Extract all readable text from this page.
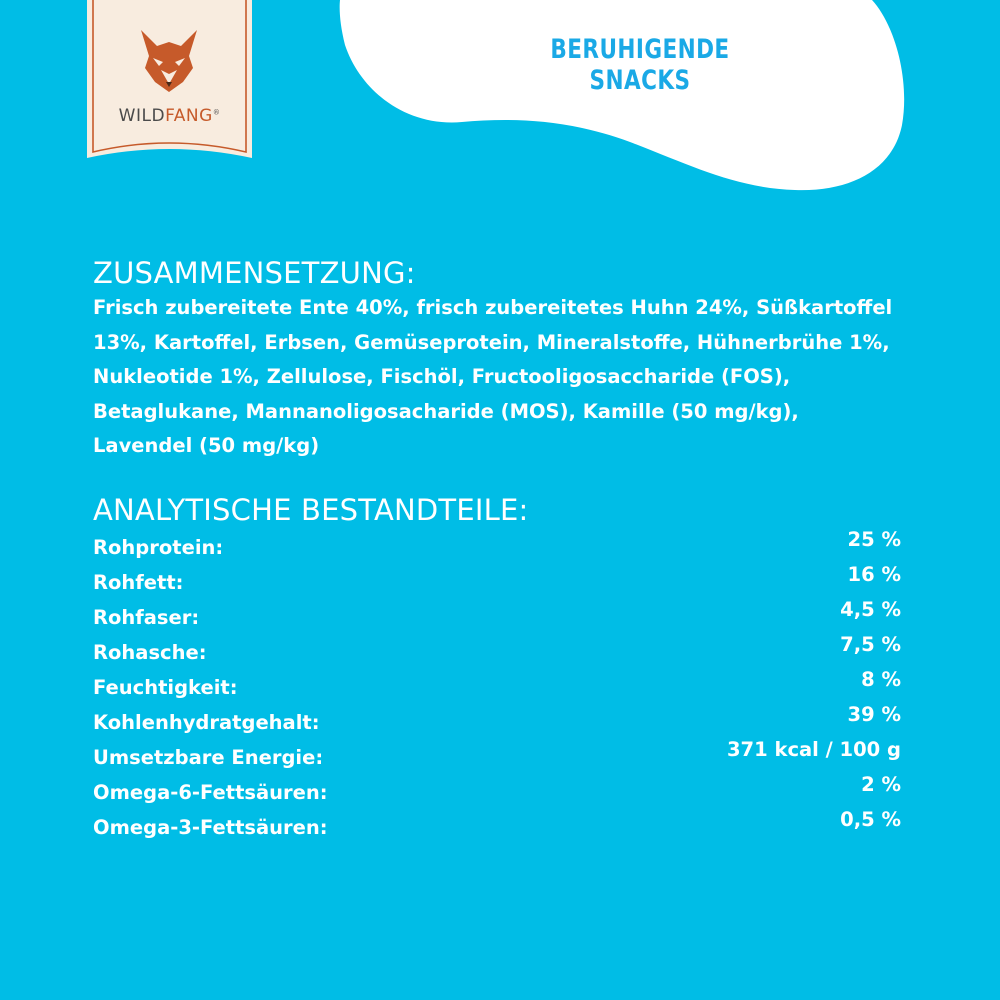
BERUHIGENDE SNACKS
WILDFANG®
ZUSAMMENSETZUNG:

Frisch zubereitete Ente 40%, frisch zubereitetes Huhn 24%, Süßkartoffel 13%, Kartoffel, Erbsen, Gemüseprotein, Mineralstoffe, Hühnerbrühe 1%, Nukleotide 1%, Zellulose, Fischöl, Fructooligosaccharide (FOS), Betaglukane, Mannanoligosacharide (MOS), Kamille (50 mg/kg), Lavendel (50 mg/kg)

ANALYTISCHE BESTANDTEILE:
Rohprotein:	25 %
Rohfett:	16 %
Rohfaser:	4,5 %
Rohasche:	7,5 %
Feuchtigkeit:	8 %
Kohlenhydratgehalt:	39 %
Umsetzbare Energie:	371 kcal / 100 g
Omega-6-Fettsäuren:	2 %
Omega-3-Fettsäuren:	0,5 %
